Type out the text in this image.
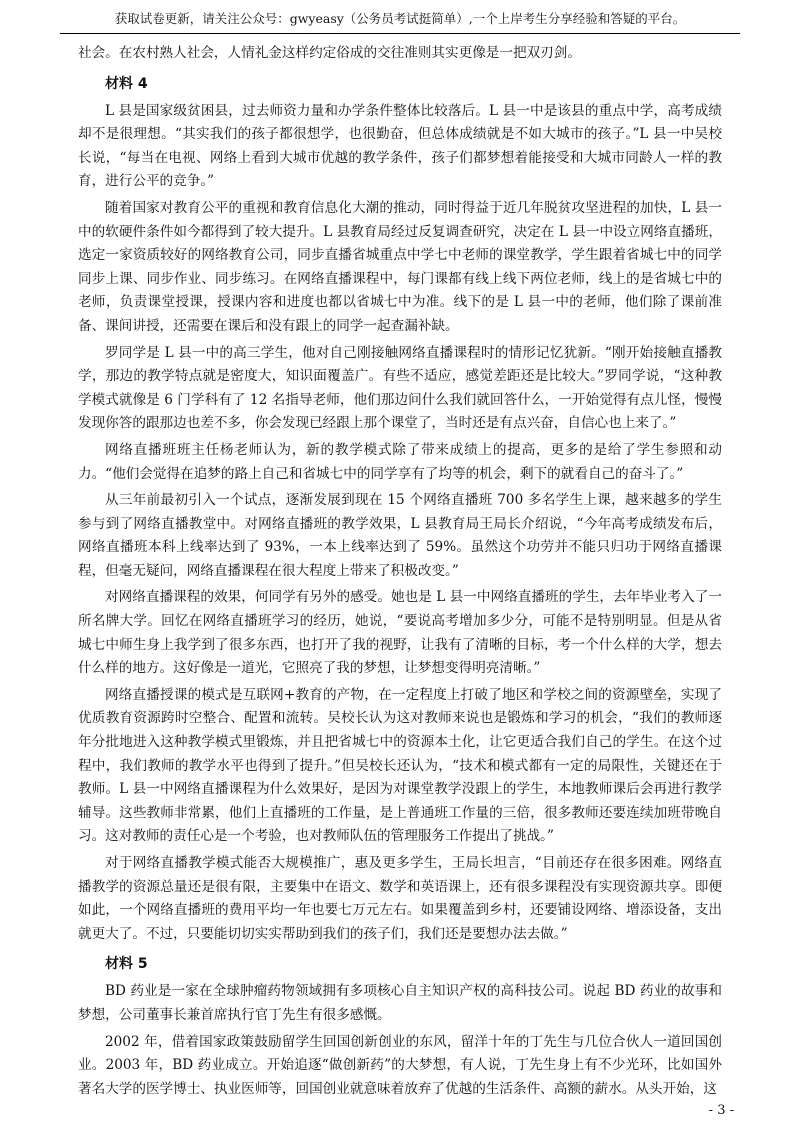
获取试卷更新，请关注公众号：gwyeasy（公务员考试挺简单）,一个上岸考生分享经验和答疑的平台。

社会。在农村熟人社会，人情礼金这样约定俗成的交往准则其实更像是一把双刃剑。

材料 4

L 县是国家级贫困县，过去师资力量和办学条件整体比较落后。L 县一中是该县的重点中学，高考成绩却不是很理想。“其实我们的孩子都很想学，也很勤奋，但总体成绩就是不如大城市的孩子。”L 县一中吴校长说，“每当在电视、网络上看到大城市优越的教学条件，孩子们都梦想着能接受和大城市同龄人一样的教育，进行公平的竞争。”

随着国家对教育公平的重视和教育信息化大潮的推动，同时得益于近几年脱贫攻坚进程的加快，L 县一中的软硬件条件如今都得到了较大提升。L 县教育局经过反复调查研究，决定在 L 县一中设立网络直播班，选定一家资质较好的网络教育公司，同步直播省城重点中学七中老师的课堂教学，学生跟着省城七中的同学同步上课、同步作业、同步练习。在网络直播课程中，每门课都有线上线下两位老师，线上的是省城七中的老师，负责课堂授课，授课内容和进度也都以省城七中为准。线下的是 L 县一中的老师，他们除了课前准备、课间讲授，还需要在课后和没有跟上的同学一起查漏补缺。

罗同学是 L 县一中的高三学生，他对自己刚接触网络直播课程时的情形记忆犹新。“刚开始接触直播教学，那边的教学特点就是密度大，知识面覆盖广。有些不适应，感觉差距还是比较大。”罗同学说，“这种教学模式就像是 6 门学科有了 12 名指导老师，他们那边问什么我们就回答什么，一开始觉得有点儿怪，慢慢发现你答的跟那边也差不多，你会发现已经跟上那个课堂了，当时还是有点兴奋，自信心也上来了。”

网络直播班班主任杨老师认为，新的教学模式除了带来成绩上的提高，更多的是给了学生参照和动力。“他们会觉得在追梦的路上自己和省城七中的同学享有了均等的机会，剩下的就看自己的奋斗了。”

从三年前最初引入一个试点，逐渐发展到现在 15 个网络直播班 700 多名学生上课，越来越多的学生参与到了网络直播教堂中。对网络直播班的教学效果，L 县教育局王局长介绍说，“今年高考成绩发布后，网络直播班本科上线率达到了 93%，一本上线率达到了 59%。虽然这个功劳并不能只归功于网络直播课程，但毫无疑问，网络直播课程在很大程度上带来了积极改变。”

对网络直播课程的效果，何同学有另外的感受。她也是 L 县一中网络直播班的学生，去年毕业考入了一所名牌大学。回忆在网络直播班学习的经历，她说，“要说高考增加多少分，可能不是特别明显。但是从省城七中师生身上我学到了很多东西，也打开了我的视野，让我有了清晰的目标，考一个什么样的大学，想去什么样的地方。这好像是一道光，它照亮了我的梦想，让梦想变得明亮清晰。”

网络直播授课的模式是互联网+教育的产物，在一定程度上打破了地区和学校之间的资源壁垒，实现了优质教育资源跨时空整合、配置和流转。吴校长认为这对教师来说也是锻炼和学习的机会，“我们的教师逐年分批地进入这种教学模式里锻炼，并且把省城七中的资源本土化，让它更适合我们自己的学生。在这个过程中，我们教师的教学水平也得到了提升。”但吴校长还认为，“技术和模式都有一定的局限性，关键还在于教师。L 县一中网络直播课程为什么效果好，是因为对课堂教学没跟上的学生，本地教师课后会再进行教学辅导。这些教师非常累，他们上直播班的工作量，是上普通班工作量的三倍，很多教师还要连续加班带晚自习。这对教师的责任心是一个考验，也对教师队伍的管理服务工作提出了挑战。”

对于网络直播教学模式能否大规模推广，惠及更多学生，王局长坦言，“目前还存在很多困难。网络直播教学的资源总量还是很有限，主要集中在语文、数学和英语课上，还有很多课程没有实现资源共享。即便如此，一个网络直播班的费用平均一年也要七万元左右。如果覆盖到乡村，还要铺设网络、增添设备，支出就更大了。不过，只要能切切实实帮助到我们的孩子们，我们还是要想办法去做。”

材料 5

BD 药业是一家在全球肿瘤药物领域拥有多项核心自主知识产权的高科技公司。说起 BD 药业的故事和梦想，公司董事长兼首席执行官丁先生有很多感慨。

2002 年，借着国家政策鼓励留学生回国创新创业的东风，留洋十年的丁先生与几位合伙人一道回国创业。2003 年，BD 药业成立。开始追逐“做创新药”的大梦想，有人说，丁先生身上有不少光环，比如国外著名大学的医学博士、执业医师等，回国创业就意味着放弃了优越的生活条件、高额的薪水。从头开始，这

- 3 -
